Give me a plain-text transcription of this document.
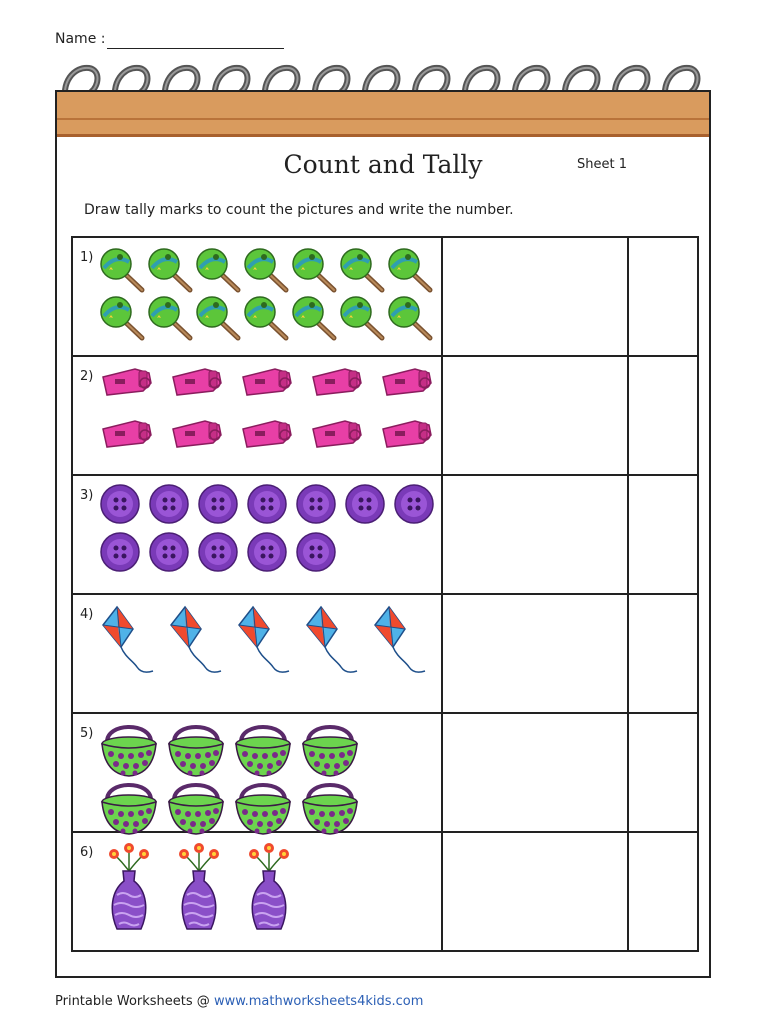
Name :
Count and Tally	Sheet 1
Draw tally marks to count the pictures and write the number.
1)		

2)		

3)		

4)		

5)		

6)		

Printable Worksheets @ www.mathworksheets4kids.com
